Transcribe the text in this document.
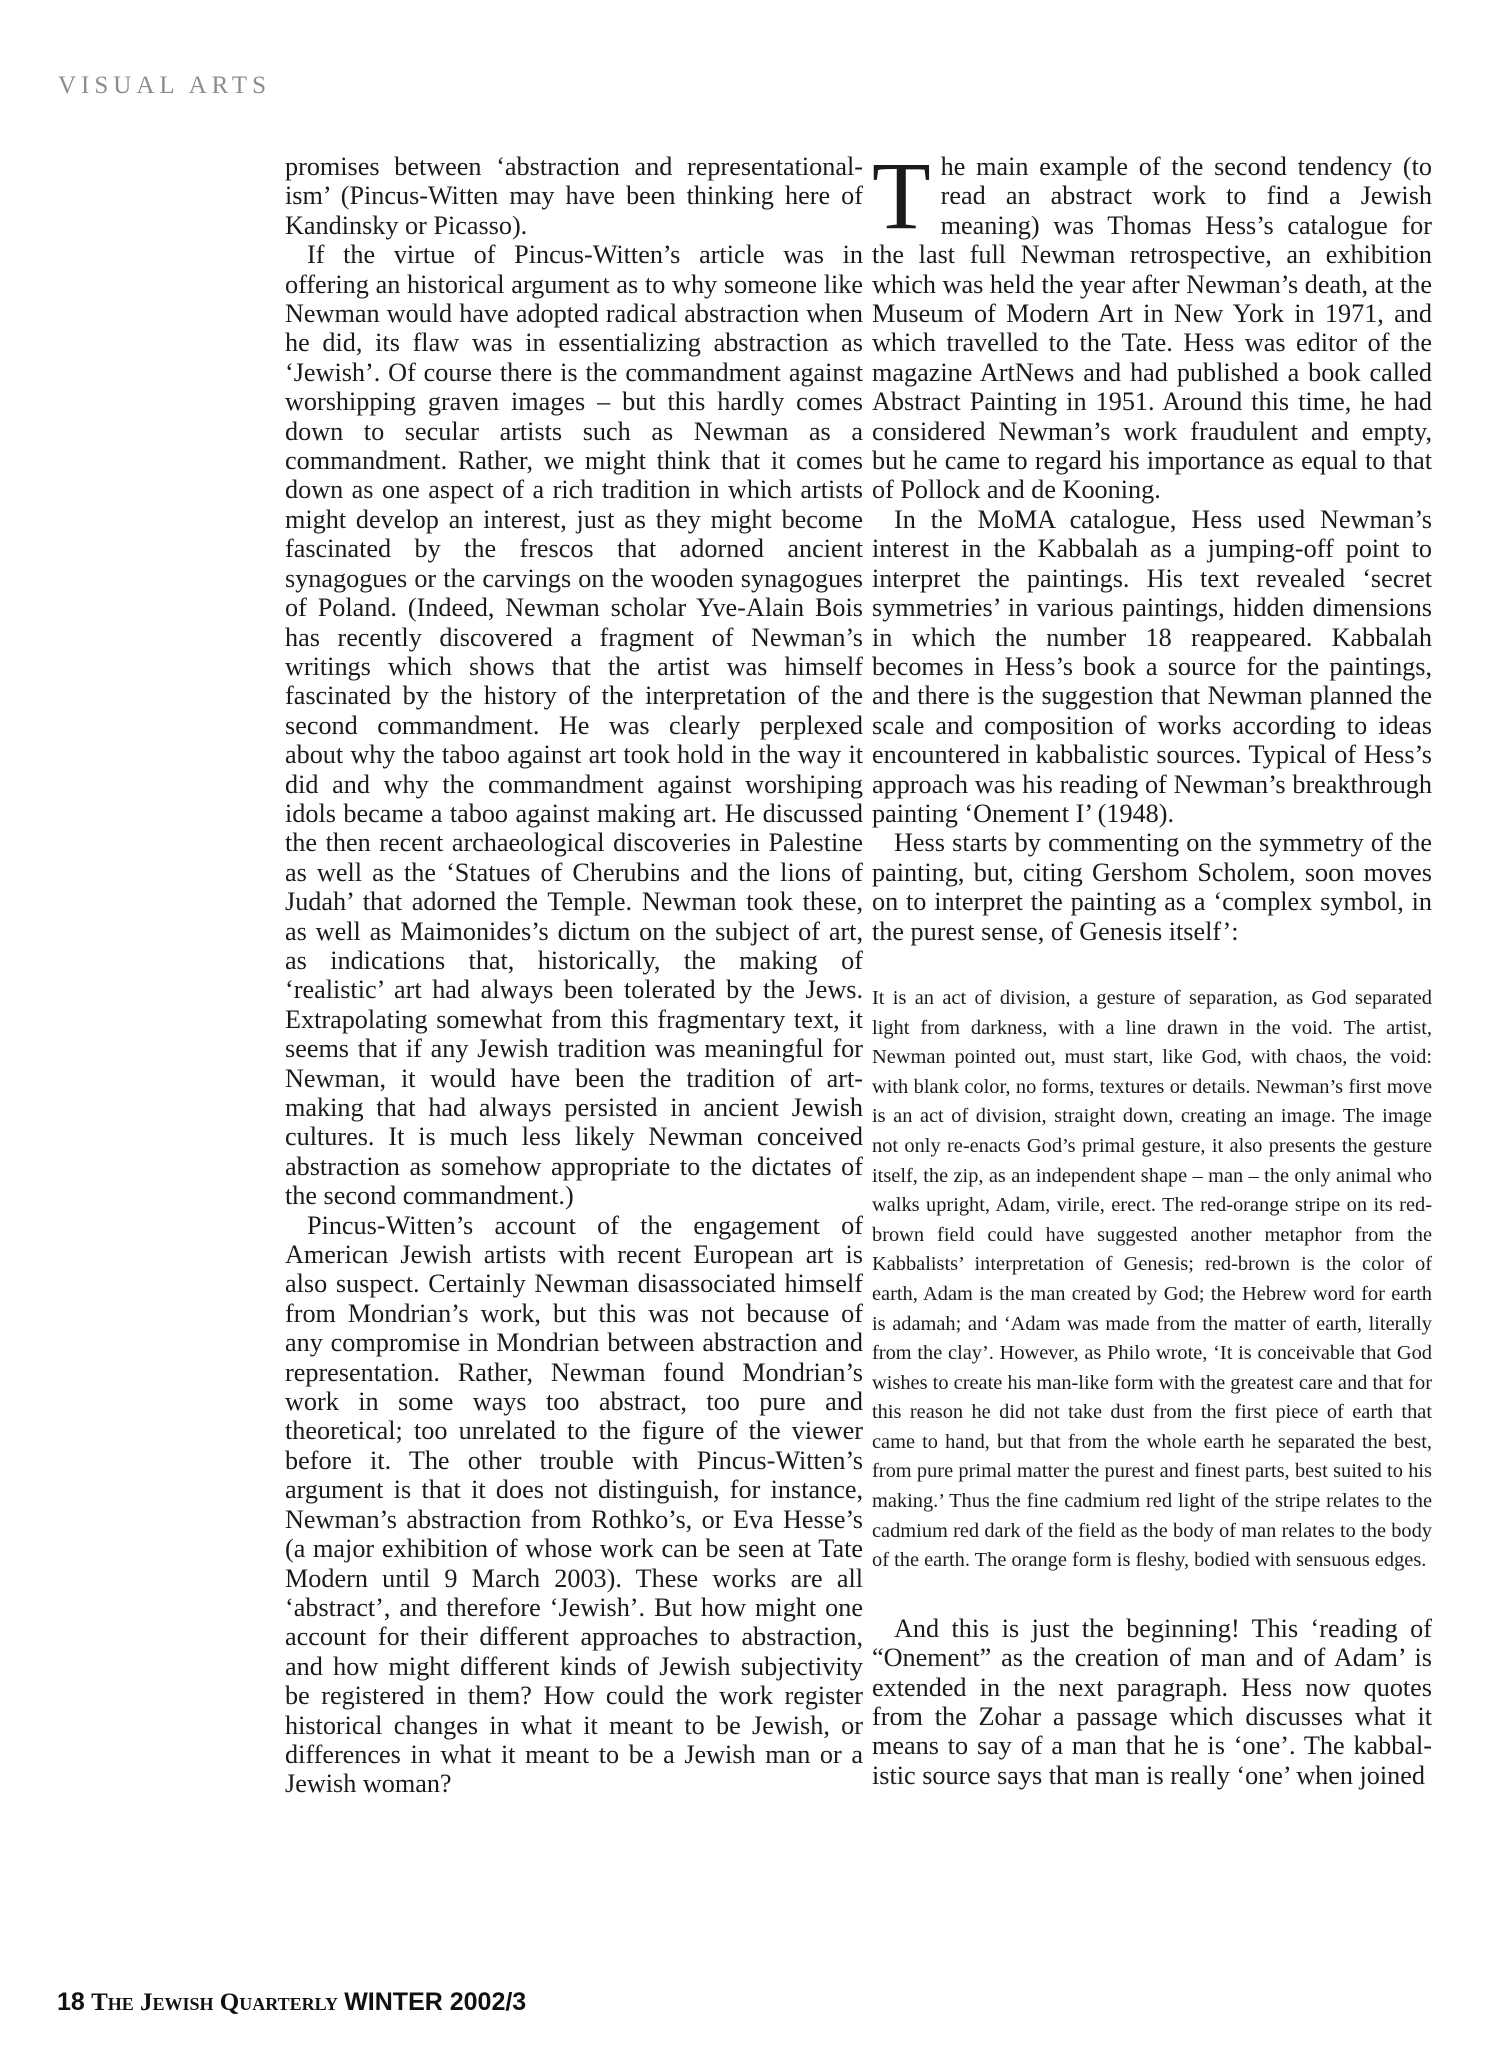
VISUAL ARTS

promises between ‘abstraction and representationalism’ (Pincus-Witten may have been thinking here of Kandinsky or Picasso).

If the virtue of Pincus-Witten’s article was in offering an historical argument as to why someone like Newman would have adopted radical abstraction when he did, its flaw was in essentializing abstraction as ‘Jewish’. Of course there is the commandment against worshipping graven images – but this hardly comes down to secular artists such as Newman as a commandment. Rather, we might think that it comes down as one aspect of a rich tradition in which artists might develop an interest, just as they might become fascinated by the frescos that adorned ancient synagogues or the carvings on the wooden synagogues of Poland. (Indeed, Newman scholar Yve-Alain Bois has recently discovered a fragment of Newman’s writings which shows that the artist was himself fascinated by the history of the interpretation of the second commandment. He was clearly perplexed about why the taboo against art took hold in the way it did and why the commandment against worshiping idols became a taboo against making art. He discussed the then recent archaeological discoveries in Palestine as well as the ‘Statues of Cherubins and the lions of Judah’ that adorned the Temple. Newman took these, as well as Maimonides’s dictum on the subject of art, as indications that, historically, the making of ‘realistic’ art had always been tolerated by the Jews. Extrapolating somewhat from this fragmentary text, it seems that if any Jewish tradition was meaningful for Newman, it would have been the tradition of art-making that had always persisted in ancient Jewish cultures. It is much less likely Newman conceived abstraction as somehow appropriate to the dictates of the second commandment.)

Pincus-Witten’s account of the engagement of American Jewish artists with recent European art is also suspect. Certainly Newman disassociated himself from Mondrian’s work, but this was not because of any compromise in Mondrian between abstraction and representation. Rather, Newman found Mondrian’s work in some ways too abstract, too pure and theoretical; too unrelated to the figure of the viewer before it. The other trouble with Pincus-Witten’s argument is that it does not distinguish, for instance, Newman’s abstraction from Rothko’s, or Eva Hesse’s (a major exhibition of whose work can be seen at Tate Modern until 9 March 2003). These works are all ‘abstract’, and therefore ‘Jewish’. But how might one account for their different approaches to abstraction, and how might different kinds of Jewish subjectivity be registered in them? How could the work register historical changes in what it meant to be Jewish, or differences in what it meant to be a Jewish man or a Jewish woman?

The main example of the second tendency (to read an abstract work to find a Jewish meaning) was Thomas Hess’s catalogue for the last full Newman retrospective, an exhibition which was held the year after Newman’s death, at the Museum of Modern Art in New York in 1971, and which travelled to the Tate. Hess was editor of the magazine ArtNews and had published a book called Abstract Painting in 1951. Around this time, he had considered Newman’s work fraudulent and empty, but he came to regard his importance as equal to that of Pollock and de Kooning.

In the MoMA catalogue, Hess used Newman’s interest in the Kabbalah as a jumping-off point to interpret the paintings. His text revealed ‘secret symmetries’ in various paintings, hidden dimensions in which the number 18 reappeared. Kabbalah becomes in Hess’s book a source for the paintings, and there is the suggestion that Newman planned the scale and composition of works according to ideas encountered in kabbalistic sources. Typical of Hess’s approach was his reading of Newman’s breakthrough painting ‘Onement I’ (1948).

Hess starts by commenting on the symmetry of the painting, but, citing Gershom Scholem, soon moves on to interpret the painting as a ‘complex symbol, in the purest sense, of Genesis itself’:

It is an act of division, a gesture of separation, as God separated light from darkness, with a line drawn in the void. The artist, Newman pointed out, must start, like God, with chaos, the void: with blank color, no forms, textures or details. Newman’s first move is an act of division, straight down, creating an image. The image not only re-enacts God’s primal gesture, it also presents the gesture itself, the zip, as an independent shape – man – the only animal who walks upright, Adam, virile, erect. The red-orange stripe on its red-brown field could have suggested another metaphor from the Kabbalists’ interpretation of Genesis; red-brown is the color of earth, Adam is the man created by God; the Hebrew word for earth is adamah; and ‘Adam was made from the matter of earth, literally from the clay’. However, as Philo wrote, ‘It is conceivable that God wishes to create his man-like form with the greatest care and that for this reason he did not take dust from the first piece of earth that came to hand, but that from the whole earth he separated the best, from pure primal matter the purest and finest parts, best suited to his making.’ Thus the fine cadmium red light of the stripe relates to the cadmium red dark of the field as the body of man relates to the body of the earth. The orange form is fleshy, bodied with sensuous edges.

And this is just the beginning! This ‘reading of “Onement” as the creation of man and of Adam’ is extended in the next paragraph. Hess now quotes from the Zohar a passage which discusses what it means to say of a man that he is ‘one’. The kabbalistic source says that man is really ‘one’ when joined

18 The Jewish Quarterly WINTER 2002/3
